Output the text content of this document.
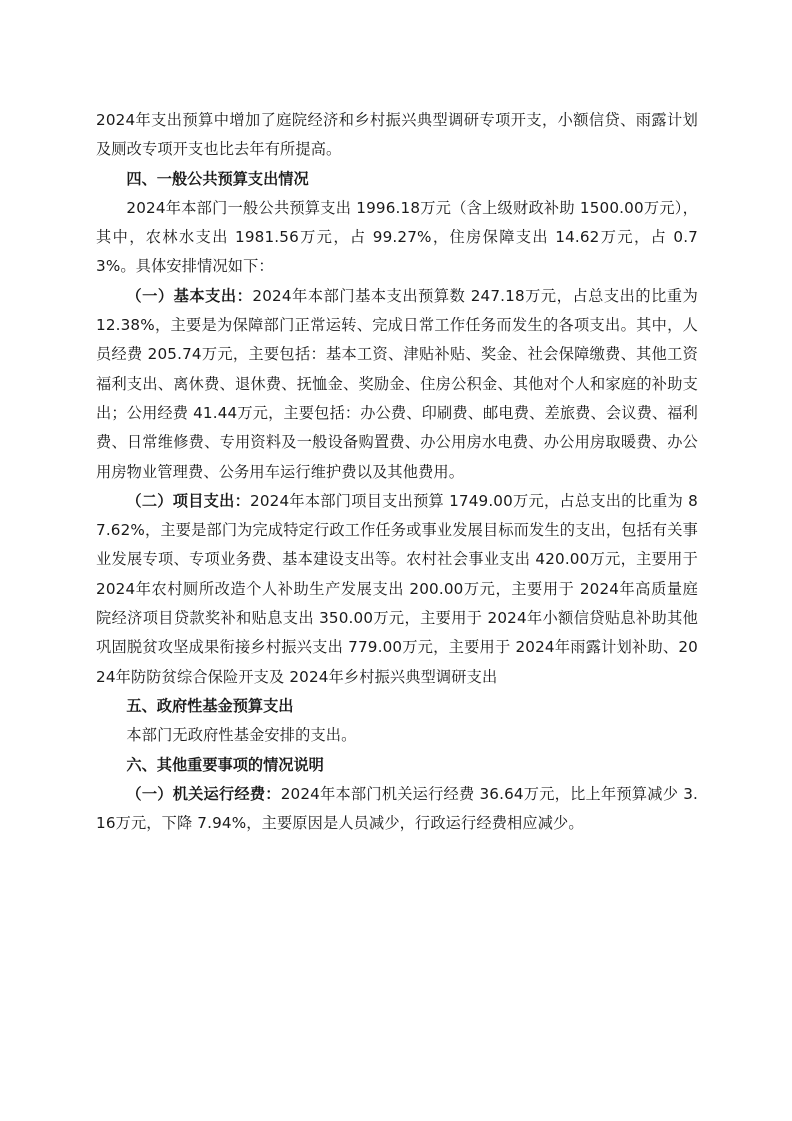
2024年支出预算中增加了庭院经济和乡村振兴典型调研专项开支，小额信贷、雨露计划及厕改专项开支也比去年有所提高。

四、一般公共预算支出情况

2024年本部门一般公共预算支出 1996.18万元（含上级财政补助 1500.00万元），其中，农林水支出 1981.56万元，占 99.27%，住房保障支出 14.62万元，占 0.73%。具体安排情况如下：

（一）基本支出：2024年本部门基本支出预算数 247.18万元，占总支出的比重为 12.38%，主要是为保障部门正常运转、完成日常工作任务而发生的各项支出。其中，人员经费 205.74万元，主要包括：基本工资、津贴补贴、奖金、社会保障缴费、其他工资福利支出、离休费、退休费、抚恤金、奖励金、住房公积金、其他对个人和家庭的补助支出；公用经费 41.44万元，主要包括：办公费、印刷费、邮电费、差旅费、会议费、福利费、日常维修费、专用资料及一般设备购置费、办公用房水电费、办公用房取暖费、办公用房物业管理费、公务用车运行维护费以及其他费用。

（二）项目支出：2024年本部门项目支出预算 1749.00万元，占总支出的比重为 87.62%，主要是部门为完成特定行政工作任务或事业发展目标而发生的支出，包括有关事业发展专项、专项业务费、基本建设支出等。农村社会事业支出 420.00万元，主要用于 2024年农村厕所改造个人补助生产发展支出 200.00万元，主要用于 2024年高质量庭院经济项目贷款奖补和贴息支出 350.00万元，主要用于 2024年小额信贷贴息补助其他巩固脱贫攻坚成果衔接乡村振兴支出 779.00万元，主要用于 2024年雨露计划补助、2024年防防贫综合保险开支及 2024年乡村振兴典型调研支出

五、政府性基金预算支出

本部门无政府性基金安排的支出。

六、其他重要事项的情况说明

（一）机关运行经费：2024年本部门机关运行经费 36.64万元，比上年预算减少 3.16万元，下降 7.94%，主要原因是人员减少，行政运行经费相应减少。
